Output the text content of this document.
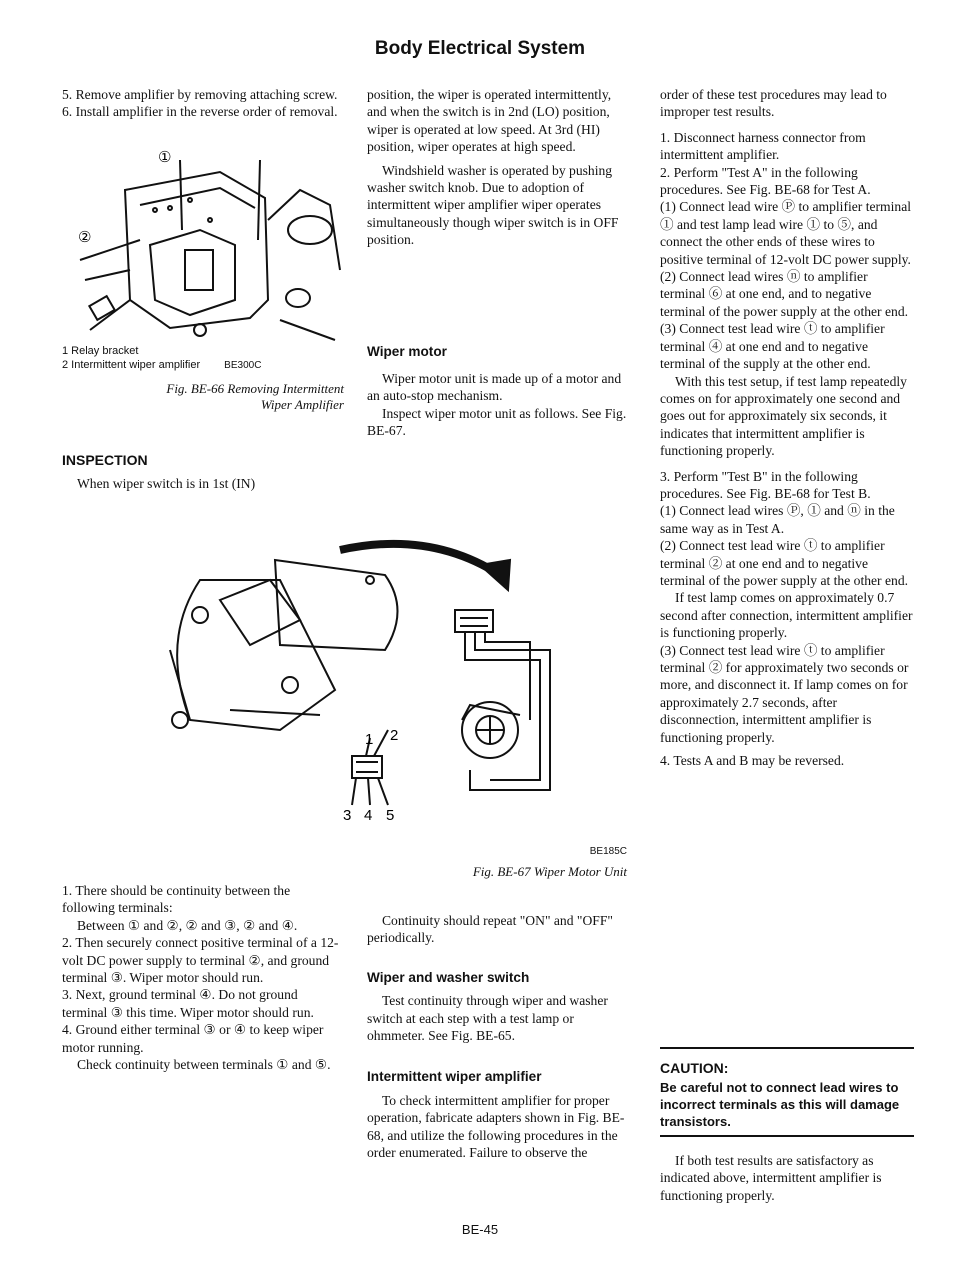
Body Electrical System

5. Remove amplifier by removing attaching screw.

6. Install amplifier in the reverse order of removal.

①
②
1 Relay bracket
2 Intermittent wiper amplifier BE300C
Fig. BE-66 Removing Intermittent
Wiper Amplifier

INSPECTION

When wiper switch is in 1st (IN)

1 2
3 4 5

1. There should be continuity between the following terminals:

Between ① and ②, ② and ③, ② and ④.

2. Then securely connect positive terminal of a 12-volt DC power supply to terminal ②, and ground terminal ③. Wiper motor should run.

3. Next, ground terminal ④. Do not ground terminal ③ this time. Wiper motor should run.

4. Ground either terminal ③ or ④ to keep wiper motor running.

Check continuity between terminals ① and ⑤.

position, the wiper is operated intermittently, and when the switch is in 2nd (LO) position, wiper is operated at low speed. At 3rd (HI) position, wiper operates at high speed.

Windshield washer is operated by pushing washer switch knob. Due to adoption of intermittent wiper amplifier wiper operates simultaneously though wiper switch is in OFF position.

Wiper motor

Wiper motor unit is made up of a motor and an auto-stop mechanism.

Inspect wiper motor unit as follows. See Fig. BE-67.

BE185C
Fig. BE-67 Wiper Motor Unit

Continuity should repeat "ON" and "OFF" periodically.

Wiper and washer switch

Test continuity through wiper and washer switch at each step with a test lamp or ohmmeter. See Fig. BE-65.

Intermittent wiper amplifier

To check intermittent amplifier for proper operation, fabricate adapters shown in Fig. BE-68, and utilize the following procedures in the order enumerated. Failure to observe the

order of these test procedures may lead to improper test results.

1. Disconnect harness connector from intermittent amplifier.

2. Perform "Test A" in the following procedures. See Fig. BE-68 for Test A.

(1) Connect lead wire Ⓟ to amplifier terminal ① and test lamp lead wire ① to ⑤, and connect the other ends of these wires to positive terminal of 12-volt DC power supply.

(2) Connect lead wires ⓝ to amplifier terminal ⑥ at one end, and to negative terminal of the power supply at the other end.

(3) Connect test lead wire ⓣ to amplifier terminal ④ at one end and to negative terminal of the supply at the other end.

With this test setup, if test lamp repeatedly comes on for approximately one second and goes out for approximately six seconds, it indicates that intermittent amplifier is functioning properly.

3. Perform "Test B" in the following procedures. See Fig. BE-68 for Test B.

(1) Connect lead wires Ⓟ, ① and ⓝ in the same way as in Test A.

(2) Connect test lead wire ⓣ to amplifier terminal ② at one end and to negative terminal of the power supply at the other end.

If test lamp comes on approximately 0.7 second after connection, intermittent amplifier is functioning properly.

(3) Connect test lead wire ⓣ to amplifier terminal ② for approximately two seconds or more, and disconnect it. If lamp comes on for approximately 2.7 seconds, after disconnection, intermittent amplifier is functioning properly.

4. Tests A and B may be reversed.

CAUTION:

Be careful not to connect lead wires to incorrect terminals as this will damage transistors.

If both test results are satisfactory as indicated above, intermittent amplifier is functioning properly.

BE-45
